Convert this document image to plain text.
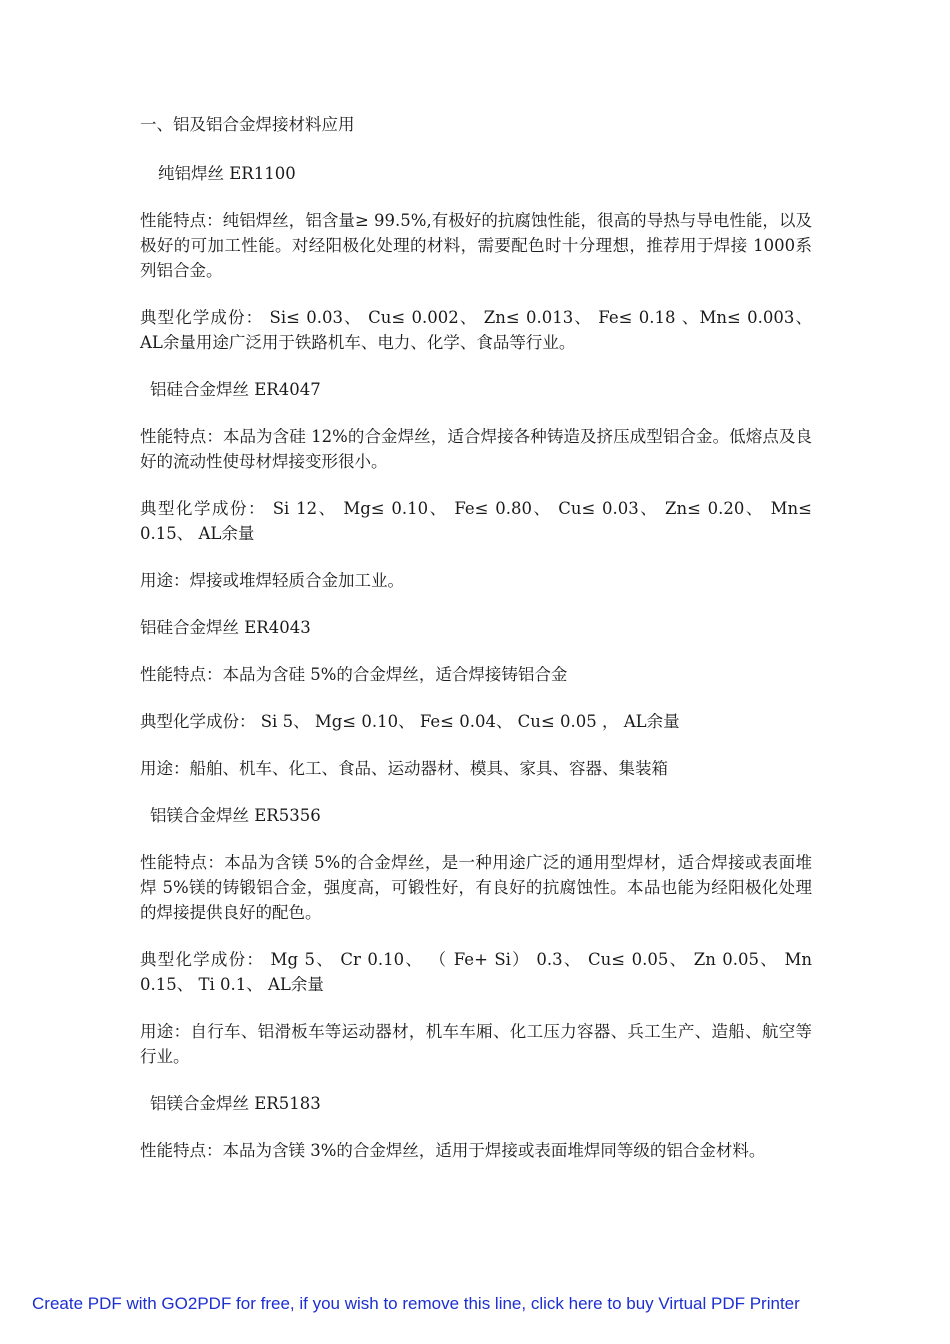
一、铝及铝合金焊接材料应用

纯铝焊丝 ER1100

性能特点：纯铝焊丝，铝含量≥ 99.5%,有极好的抗腐蚀性能，很高的导热与导电性能，以及极好的可加工性能。对经阳极化处理的材料，需要配色时十分理想，推荐用于焊接 1000系列铝合金。

典型化学成份： Si≤ 0.03、 Cu≤ 0.002、 Zn≤ 0.013、 Fe≤ 0.18 、Mn≤ 0.003、 AL余量用途广泛用于铁路机车、电力、化学、食品等行业。

铝硅合金焊丝 ER4047

性能特点：本品为含硅 12%的合金焊丝，适合焊接各种铸造及挤压成型铝合金。低熔点及良好的流动性使母材焊接变形很小。

典型化学成份： Si 12、 Mg≤ 0.10、 Fe≤ 0.80、 Cu≤ 0.03、 Zn≤ 0.20、 Mn≤ 0.15、 AL余量

用途：焊接或堆焊轻质合金加工业。

铝硅合金焊丝 ER4043

性能特点：本品为含硅 5%的合金焊丝，适合焊接铸铝合金

典型化学成份： Si 5、 Mg≤ 0.10、 Fe≤ 0.04、 Cu≤ 0.05 ， AL余量

用途：船舶、机车、化工、食品、运动器材、模具、家具、容器、集装箱

铝镁合金焊丝 ER5356

性能特点：本品为含镁 5%的合金焊丝，是一种用途广泛的通用型焊材，适合焊接或表面堆焊 5%镁的铸锻铝合金，强度高，可锻性好，有良好的抗腐蚀性。本品也能为经阳极化处理的焊接提供良好的配色。

典型化学成份： Mg 5、 Cr 0.10、 （ Fe+ Si） 0.3、 Cu≤ 0.05、 Zn 0.05、 Mn 0.15、 Ti 0.1、 AL余量

用途：自行车、铝滑板车等运动器材，机车车厢、化工压力容器、兵工生产、造船、航空等行业。

铝镁合金焊丝 ER5183

性能特点：本品为含镁 3%的合金焊丝，适用于焊接或表面堆焊同等级的铝合金材料。

Create PDF with GO2PDF for free, if you wish to remove this line, click here to buy Virtual PDF Printer
